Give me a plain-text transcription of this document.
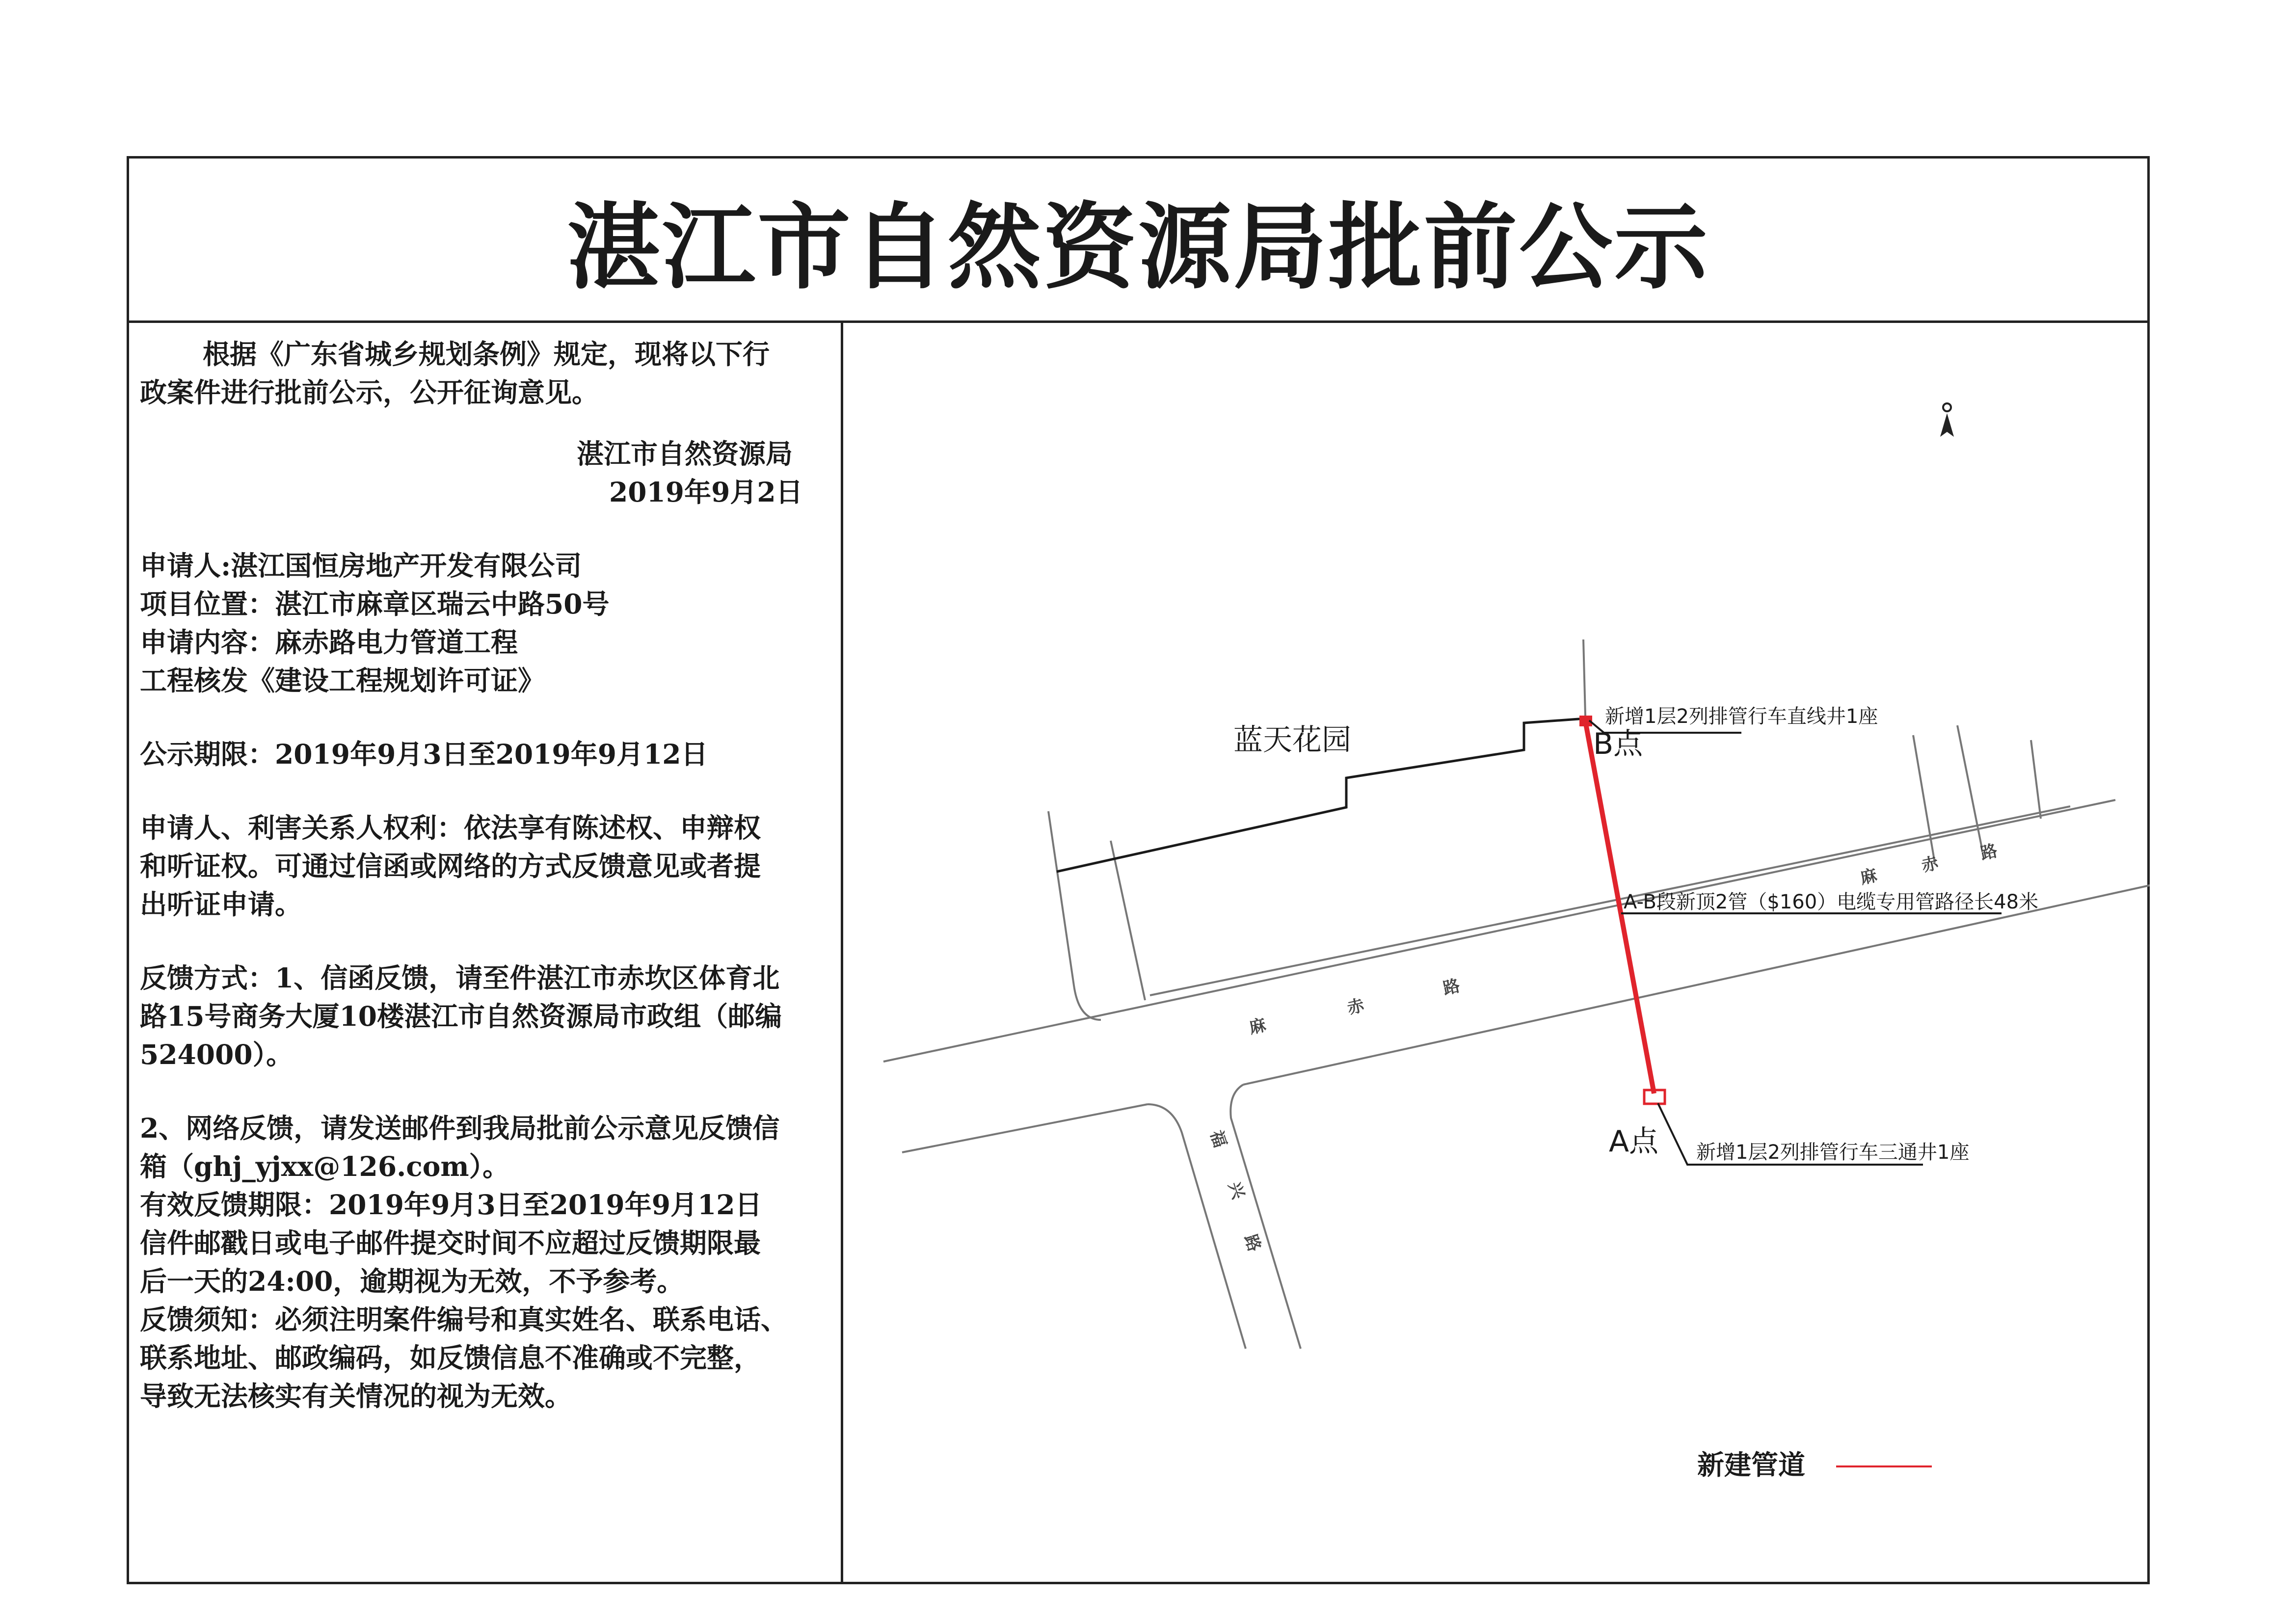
湛江市自然资源局批前公示
根据《广东省城乡规划条例》规定，现将以下行
政案件进行批前公示，公开征询意见。
湛江市自然资源局
2019年9月2日
申请人:湛江国恒房地产开发有限公司
项目位置：湛江市麻章区瑞云中路50号
申请内容：麻赤路电力管道工程
工程核发《建设工程规划许可证》
公示期限：2019年9月3日至2019年9月12日
申请人、利害关系人权利：依法享有陈述权、申辩权
和听证权。可通过信函或网络的方式反馈意见或者提
出听证申请。
反馈方式：1、信函反馈，请至件湛江市赤坎区体育北
路15号商务大厦10楼湛江市自然资源局市政组（邮编
524000）。
2、网络反馈，请发送邮件到我局批前公示意见反馈信
箱（ghj_yjxx@126.com）。
有效反馈期限：2019年9月3日至2019年9月12日
信件邮戳日或电子邮件提交时间不应超过反馈期限最
后一天的24:00，逾期视为无效，不予参考。
反馈须知：必须注明案件编号和真实姓名、联系电话、
联系地址、邮政编码，如反馈信息不准确或不完整，
导致无法核实有关情况的视为无效。
蓝天花园	B点
A点
新增1层2列排管行车直线井1座
A-B段新顶2管（$160）电缆专用管路径长48米
新增1层2列排管行车三通井1座
麻
赤
路
麻
赤
路
福
兴
路
新建管道
